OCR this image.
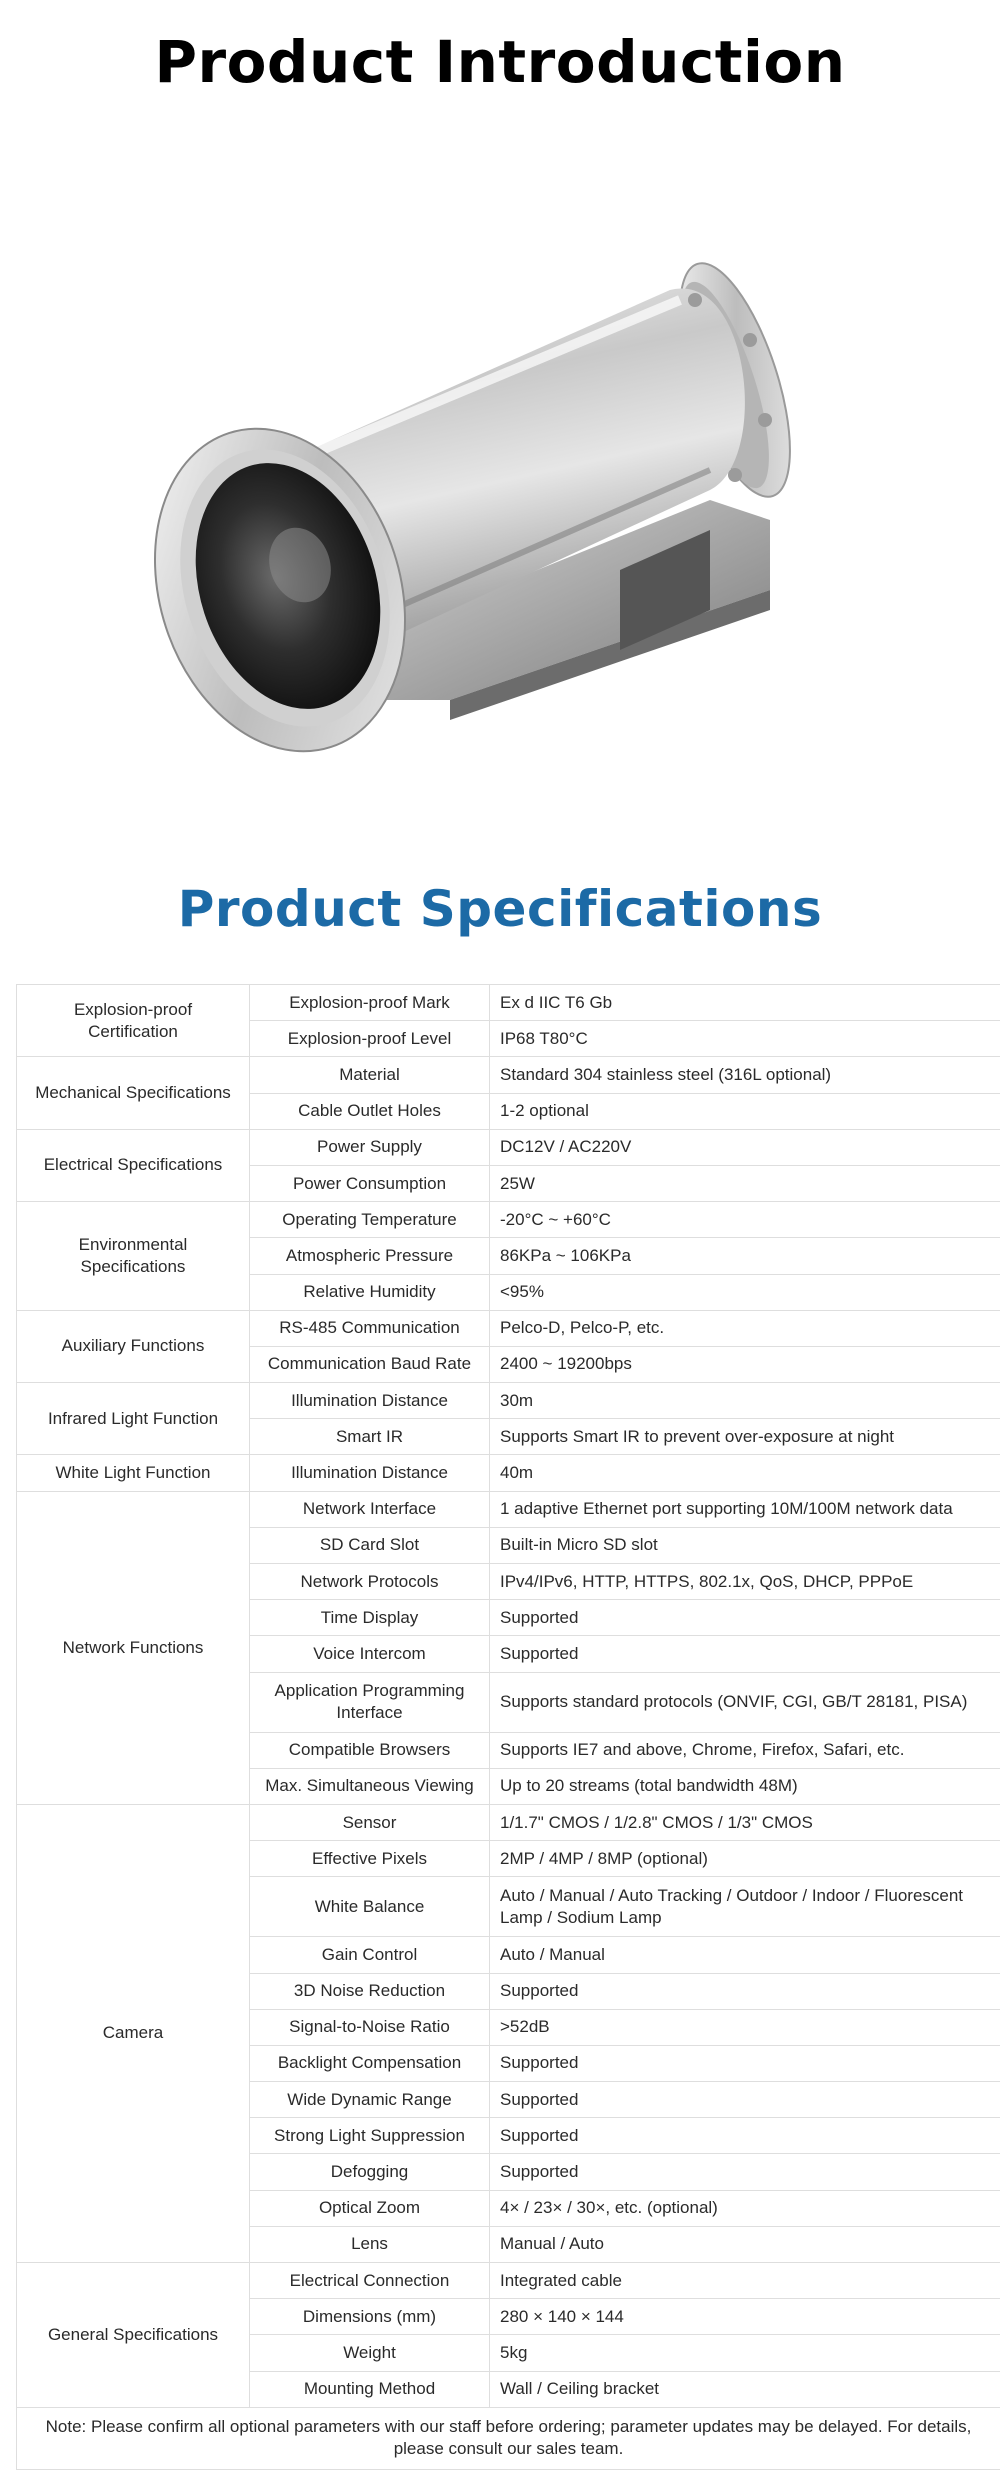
Product Introduction
Product Specifications
Explosion-proof Certification	Explosion-proof Mark	Ex d IIC T6 Gb
	Explosion-proof Level	IP68 T80°C
Mechanical Specifications	Material	Standard 304 stainless steel (316L optional)
	Cable Outlet Holes	1-2 optional
Electrical Specifications	Power Supply	DC12V / AC220V
	Power Consumption	25W
Environmental Specifications	Operating Temperature	-20°C ~ +60°C
	Atmospheric Pressure	86KPa ~ 106KPa
	Relative Humidity	<95%
Auxiliary Functions	RS-485 Communication	Pelco-D, Pelco-P, etc.
	Communication Baud Rate	2400 ~ 19200bps
Infrared Light Function	Illumination Distance	30m
	Smart IR	Supports Smart IR to prevent over-exposure at night
White Light Function	Illumination Distance	40m
Network Functions	Network Interface	1 adaptive Ethernet port supporting 10M/100M network data
	SD Card Slot	Built-in Micro SD slot
	Network Protocols	IPv4/IPv6, HTTP, HTTPS, 802.1x, QoS, DHCP, PPPoE
	Time Display	Supported
	Voice Intercom	Supported
	Application Programming Interface	Supports standard protocols (ONVIF, CGI, GB/T 28181, PISA)
	Compatible Browsers	Supports IE7 and above, Chrome, Firefox, Safari, etc.
	Max. Simultaneous Viewing	Up to 20 streams (total bandwidth 48M)
Camera	Sensor	1/1.7" CMOS / 1/2.8" CMOS / 1/3" CMOS
	Effective Pixels	2MP / 4MP / 8MP (optional)
	White Balance	Auto / Manual / Auto Tracking / Outdoor / Indoor / Fluorescent Lamp / Sodium Lamp
	Gain Control	Auto / Manual
	3D Noise Reduction	Supported
	Signal-to-Noise Ratio	>52dB
	Backlight Compensation	Supported
	Wide Dynamic Range	Supported
	Strong Light Suppression	Supported
	Defogging	Supported
	Optical Zoom	4× / 23× / 30×, etc. (optional)
	Lens	Manual / Auto
General Specifications	Electrical Connection	Integrated cable
	Dimensions (mm)	280 × 140 × 144
	Weight	5kg
	Mounting Method	Wall / Ceiling bracket
Note: Please confirm all optional parameters with our staff before ordering; parameter updates may be delayed. For details, please consult our sales team.		
